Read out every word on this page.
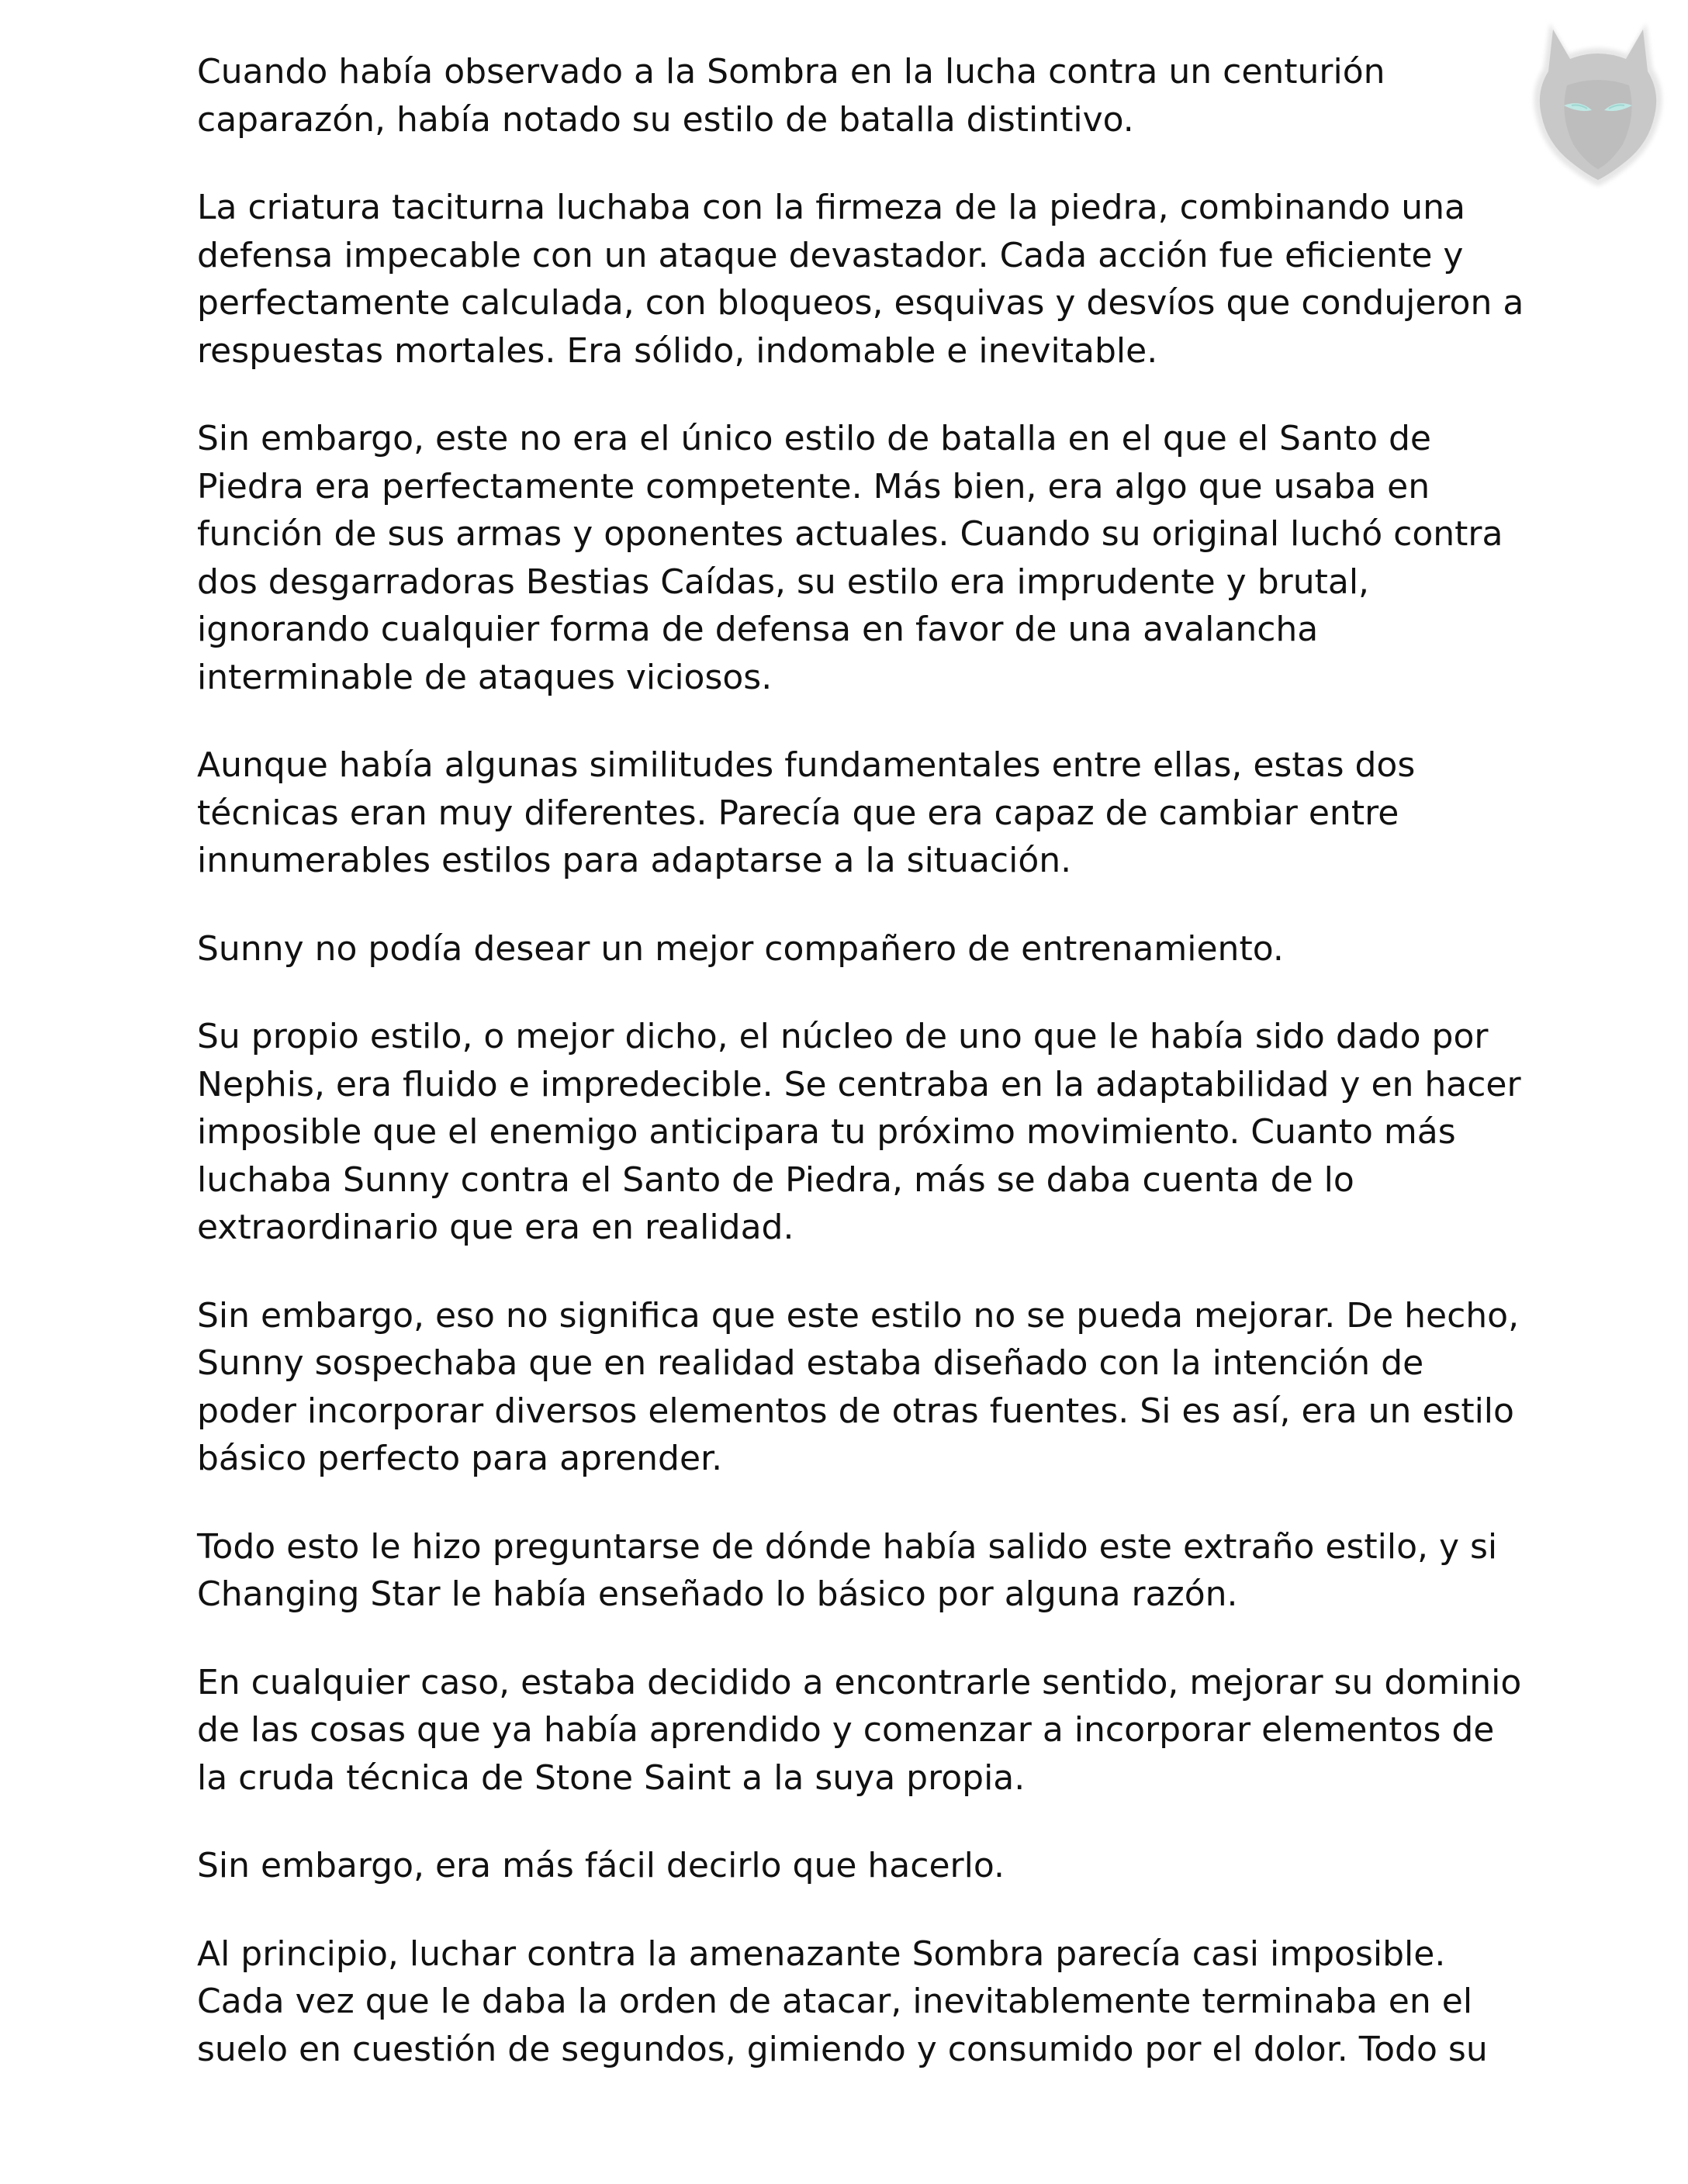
Cuando había observado a la Sombra en la lucha contra un centurión
caparazón, había notado su estilo de batalla distintivo.

La criatura taciturna luchaba con la firmeza de la piedra, combinando una
defensa impecable con un ataque devastador. Cada acción fue eficiente y
perfectamente calculada, con bloqueos, esquivas y desvíos que condujeron a
respuestas mortales. Era sólido, indomable e inevitable.

Sin embargo, este no era el único estilo de batalla en el que el Santo de
Piedra era perfectamente competente. Más bien, era algo que usaba en
función de sus armas y oponentes actuales. Cuando su original luchó contra
dos desgarradoras Bestias Caídas, su estilo era imprudente y brutal,
ignorando cualquier forma de defensa en favor de una avalancha
interminable de ataques viciosos.

Aunque había algunas similitudes fundamentales entre ellas, estas dos
técnicas eran muy diferentes. Parecía que era capaz de cambiar entre
innumerables estilos para adaptarse a la situación.

Sunny no podía desear un mejor compañero de entrenamiento.

Su propio estilo, o mejor dicho, el núcleo de uno que le había sido dado por
Nephis, era fluido e impredecible. Se centraba en la adaptabilidad y en hacer
imposible que el enemigo anticipara tu próximo movimiento. Cuanto más
luchaba Sunny contra el Santo de Piedra, más se daba cuenta de lo
extraordinario que era en realidad.

Sin embargo, eso no significa que este estilo no se pueda mejorar. De hecho,
Sunny sospechaba que en realidad estaba diseñado con la intención de
poder incorporar diversos elementos de otras fuentes. Si es así, era un estilo
básico perfecto para aprender.

Todo esto le hizo preguntarse de dónde había salido este extraño estilo, y si
Changing Star le había enseñado lo básico por alguna razón.

En cualquier caso, estaba decidido a encontrarle sentido, mejorar su dominio
de las cosas que ya había aprendido y comenzar a incorporar elementos de
la cruda técnica de Stone Saint a la suya propia.

Sin embargo, era más fácil decirlo que hacerlo.

Al principio, luchar contra la amenazante Sombra parecía casi imposible.
Cada vez que le daba la orden de atacar, inevitablemente terminaba en el
suelo en cuestión de segundos, gimiendo y consumido por el dolor. Todo su
